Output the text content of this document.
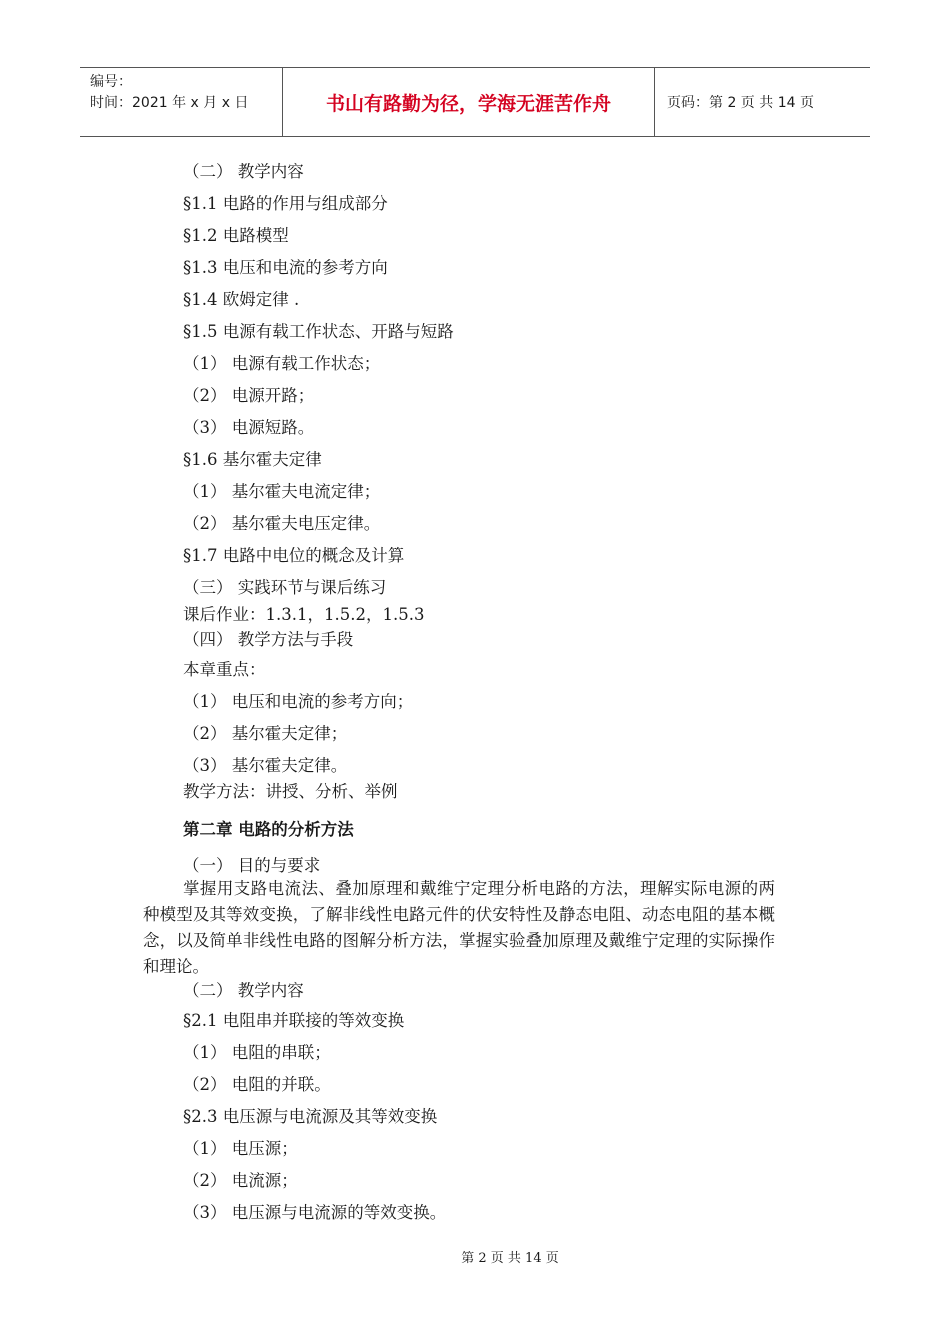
编号：
时间：2021 年 x 月 x 日	书山有路勤为径，学海无涯苦作舟	页码：第 2 页 共 14 页
（二） 教学内容
§1.1 电路的作用与组成部分
§1.2 电路模型
§1.3 电压和电流的参考方向
§1.4 欧姆定律 .
§1.5 电源有载工作状态、开路与短路
（1） 电源有载工作状态；
（2） 电源开路；
（3） 电源短路。
§1.6 基尔霍夫定律
（1） 基尔霍夫电流定律；
（2） 基尔霍夫电压定律。
§1.7 电路中电位的概念及计算
（三） 实践环节与课后练习
课后作业：1.3.1，1.5.2，1.5.3
（四） 教学方法与手段
本章重点：
（1） 电压和电流的参考方向；
（2） 基尔霍夫定律；
（3） 基尔霍夫定律。
教学方法：讲授、分析、举例
第二章 电路的分析方法
（一） 目的与要求
掌握用支路电流法、叠加原理和戴维宁定理分析电路的方法，理解实际电源的两种模型及其等效变换，了解非线性电路元件的伏安特性及静态电阻、动态电阻的基本概念，以及简单非线性电路的图解分析方法，掌握实验叠加原理及戴维宁定理的实际操作和理论。
（二） 教学内容
§2.1 电阻串并联接的等效变换
（1） 电阻的串联；
（2） 电阻的并联。
§2.3 电压源与电流源及其等效变换
（1） 电压源；
（2） 电流源；
（3） 电压源与电流源的等效变换。
第 2 页 共 14 页
